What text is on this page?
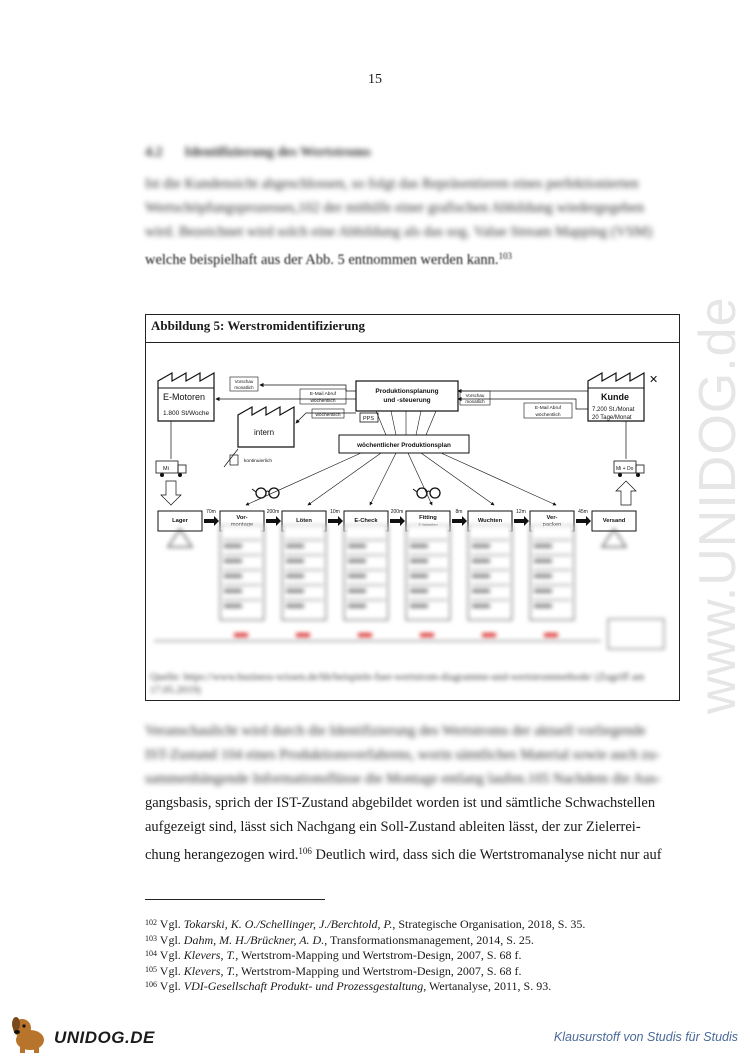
15
4.2 Identifizierung des Wertstroms

Ist die Kundensicht abgeschlossen, so folgt das Repräsentieren eines perfektionierten

Wertschöpfungsprozesses,102 der mithilfe einer grafischen Abbildung wiedergegeben

wird. Bezeichnet wird solch eine Abbildung als das sog. Value Stream Mapping (VSM)

welche beispielhaft aus der Abb. 5 entnommen werden kann.$^{103}$

www.UNIDOG.de
Abbildung 5: Werstromidentifizierung
E-Motoren
1.800 St/Woche
intern
✕
Kunde
7.200 St./Monat
20 Tage/Monat
Produktionsplanung
und -steuerung
PPS
Vorschau
monatlich
E-Mail Abruf
wöchentlich
wöchentlich
Vorschau
monatlich
E-Mail Abruf
wöchentlich
kontinuierlich
wöchentlicher Produktionsplan
Mi	Mi + Do
Lager
70m
Vor-
200m
Löten
10m
E-Check
200m
Fitting
8m
Wuchten
12m
Ver-
45m
Versand
Quelle: https://www.business-wissen.de/hb/beispiele-fuer-wertstrom-diagramme-und-wertstrommethode/ (Zugriff am 17.05.2019)

Veranschaulicht wird durch die Identifizierung des Wertstroms der aktuell vorliegende

IST-Zustand 104 eines Produktionsverfahrens, worin sämtliches Material sowie auch zu-

sammenhängende Informationsflüsse die Montage entlang laufen.105 Nachdem die Aus-

gangsbasis, sprich der IST-Zustand abgebildet worden ist und sämtliche Schwachstellen

aufgezeigt sind, lässt sich Nachgang ein Soll-Zustand ableiten lässt, der zur Zielerrei-

chung herangezogen wird.$^{106}$ Deutlich wird, dass sich die Wertstromanalyse nicht nur auf

$^{102}$ Vgl. Tokarski, K. O./Schellinger, J./Berchtold, P., Strategische Organisation, 2018, S. 35.
$^{103}$ Vgl. Dahm, M. H./Brückner, A. D., Transformationsmanagement, 2014, S. 25.
$^{104}$ Vgl. Klevers, T., Wertstrom-Mapping und Wertstrom-Design, 2007, S. 68 f.
$^{105}$ Vgl. Klevers, T., Wertstrom-Mapping und Wertstrom-Design, 2007, S. 68 f.
$^{106}$ Vgl. VDI-Gesellschaft Produkt- und Prozessgestaltung, Wertanalyse, 2011, S. 93.
UNIDOG.DE	Klausurstoff von Studis für Studis
